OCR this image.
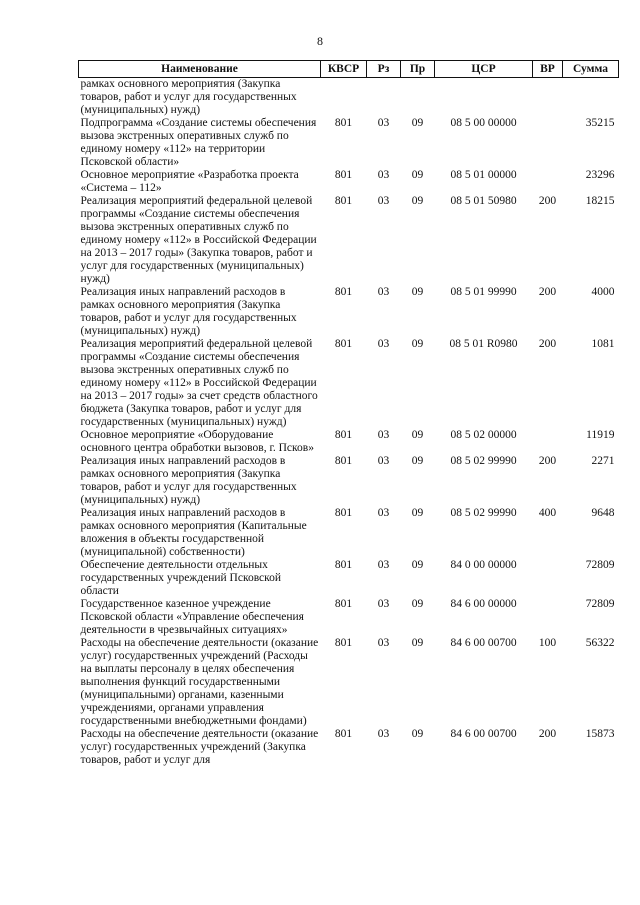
8
Наименование	КВСР	Рз	Пр	ЦСР	ВР	Сумма
рамках основного мероприятия (Закупка товаров, работ и услуг для государственных (муниципальных) нужд)						
Подпрограмма «Создание системы обеспечения вызова экстренных оперативных служб по единому номеру «112» на территории Псковской области»	801	03	09	08 5 00 00000		35215
Основное мероприятие «Разработка проекта «Система – 112»	801	03	09	08 5 01 00000		23296
Реализация мероприятий федеральной целевой программы «Создание системы обеспечения вызова экстренных оперативных служб по единому номеру «112» в Российской Федерации на 2013 – 2017 годы» (Закупка товаров, работ и услуг для государственных (муниципальных) нужд)	801	03	09	08 5 01 50980	200	18215
Реализация иных направлений расходов в рамках основного мероприятия (Закупка товаров, работ и услуг для государственных (муниципальных) нужд)	801	03	09	08 5 01 99990	200	4000
Реализация мероприятий федеральной целевой программы «Создание системы обеспечения вызова экстренных оперативных служб по единому номеру «112» в Российской Федерации на 2013 – 2017 годы» за счет средств областного бюджета (Закупка товаров, работ и услуг для государственных (муниципальных) нужд)	801	03	09	08 5 01 R0980	200	1081
Основное мероприятие «Оборудование основного центра обработки вызовов, г. Псков»	801	03	09	08 5 02 00000		11919
Реализация иных направлений расходов в рамках основного мероприятия (Закупка товаров, работ и услуг для государственных (муниципальных) нужд)	801	03	09	08 5 02 99990	200	2271
Реализация иных направлений расходов в рамках основного мероприятия (Капитальные вложения в объекты государственной (муниципальной) собственности)	801	03	09	08 5 02 99990	400	9648
Обеспечение деятельности отдельных государственных учреждений Псковской области	801	03	09	84 0 00 00000		72809
Государственное казенное учреждение Псковской области «Управление обеспечения деятельности в чрезвычайных ситуациях»	801	03	09	84 6 00 00000		72809
Расходы на обеспечение деятельности (оказание услуг) государственных учреждений (Расходы на выплаты персоналу в целях обеспечения выполнения функций государственными (муниципальными) органами, казенными учреждениями, органами управления государственными внебюджетными фондами)	801	03	09	84 6 00 00700	100	56322
Расходы на обеспечение деятельности (оказание услуг) государственных учреждений (Закупка товаров, работ и услуг для	801	03	09	84 6 00 00700	200	15873
